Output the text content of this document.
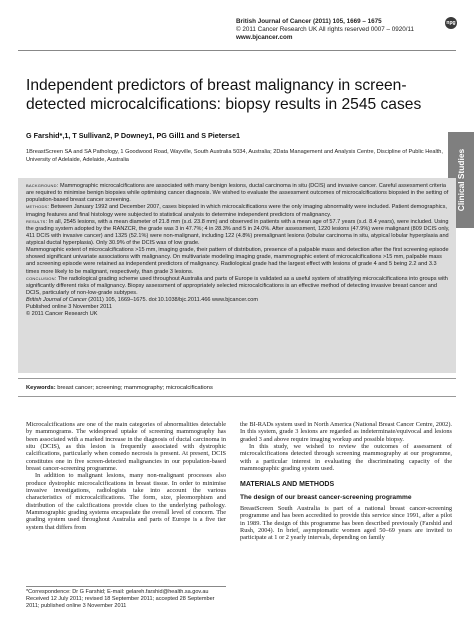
British Journal of Cancer (2011) 105, 1669 – 1675
© 2011 Cancer Research UK All rights reserved 0007 – 0920/11
www.bjcancer.com
npg
Independent predictors of breast malignancy in screen-detected microcalcifications: biopsy results in 2545 cases
G Farshid*,1, T Sullivan2, P Downey1, PG Gill1 and S Pieterse1
1BreastScreen SA and SA Pathology, 1 Goodwood Road, Wayville, South Australia 5034, Australia; 2Data Management and Analysis Centre, Discipline of Public Health, University of Adelaide, Adelaide, Australia	Clinical Studies

background: Mammographic microcalcifications are associated with many benign lesions, ductal carcinoma in situ (DCIS) and invasive cancer. Careful assessment criteria are required to minimise benign biopsies while optimising cancer diagnosis. We wished to evaluate the assessment outcomes of microcalcifications biopsied in the setting of population-based breast cancer screening.

methods: Between January 1992 and December 2007, cases biopsied in which microcalcifications were the only imaging abnormality were included. Patient demographics, imaging features and final histology were subjected to statistical analysis to determine independent predictors of malignancy.

results: In all, 2545 lesions, with a mean diameter of 21.8 mm (s.d. 23.8 mm) and observed in patients with a mean age of 57.7 years (s.d. 8.4 years), were included. Using the grading system adopted by the RANZCR, the grade was 3 in 47.7%; 4 in 28.3% and 5 in 24.0%. After assessment, 1220 lesions (47.9%) were malignant (809 DCIS only, 411 DCIS with invasive cancer) and 1325 (52.1%) were non-malignant, including 122 (4.8%) premalignant lesions (lobular carcinoma in situ, atypical lobular hyperplasia and atypical ductal hyperplasia). Only 30.9% of the DCIS was of low grade.

Mammographic extent of microcalcifications >15 mm, imaging grade, their pattern of distribution, presence of a palpable mass and detection after the first screening episode showed significant univariate associations with malignancy. On multivariate modeling imaging grade, mammographic extent of microcalcifications >15 mm, palpable mass and screening episode were retained as independent predictors of malignancy. Radiological grade had the largest effect with lesions of grade 4 and 5 being 2.2 and 3.3 times more likely to be malignant, respectively, than grade 3 lesions.

conclusion: The radiological grading scheme used throughout Australia and parts of Europe is validated as a useful system of stratifying microcalcifications into groups with significantly different risks of malignancy. Biopsy assessment of appropriately selected microcalcifications is an effective method of detecting invasive breast cancer and DCIS, particularly of non-low-grade subtypes.

British Journal of Cancer (2011) 105, 1669–1675. doi:10.1038/bjc.2011.466 www.bjcancer.com

Published online 3 November 2011

© 2011 Cancer Research UK

Keywords: breast cancer; screening; mammography; microcalcifications

Microcalcifications are one of the main categories of abnormalities detectable by mammograms. The widespread uptake of screening mammography has been associated with a marked increase in the diagnosis of ductal carcinoma in situ (DCIS), as this lesion is frequently associated with dystrophic calcifications, particularly when comedo necrosis is present. At present, DCIS constitutes one in five screen-detected malignancies in our population-based breast cancer-screening programme.

In addition to malignant lesions, many non-malignant processes also produce dystrophic microcalcifications in breast tissue. In order to minimise invasive investigations, radiologists take into account the various characteristics of microcalcifications. The form, size, pleomorphism and distribution of the calcifications provide clues to the underlying pathology. Mammographic grading systems encapsulate the overall level of concern. The grading system used throughout Australia and parts of Europe is a five tier system that differs from

the BI-RADs system used in North America (National Breast Cancer Centre, 2002). In this system, grade 3 lesions are regarded as indeterminate/equivocal and lesions graded 3 and above require imaging workup and possible biopsy.

In this study, we wished to review the outcomes of assessment of microcalcifications detected through screening mammography at our programme, with a particular interest in evaluating the discriminating capacity of the mammographic grading system used.

MATERIALS AND METHODS

The design of our breast cancer-screening programme

BreastScreen South Australia is part of a national breast cancer-screening programme and has been accredited to provide this service since 1991, after a pilot in 1989. The design of this programme has been described previously (Farshid and Rush, 2004). In brief, asymptomatic women aged 50–69 years are invited to participate at 1 or 2 yearly intervals, depending on family

*Correspondence: Dr G Farshid; E-mail: gelareh.farshid@health.sa.gov.au
Received 12 July 2011; revised 18 September 2011; accepted 28 September 2011; published online 3 November 2011
